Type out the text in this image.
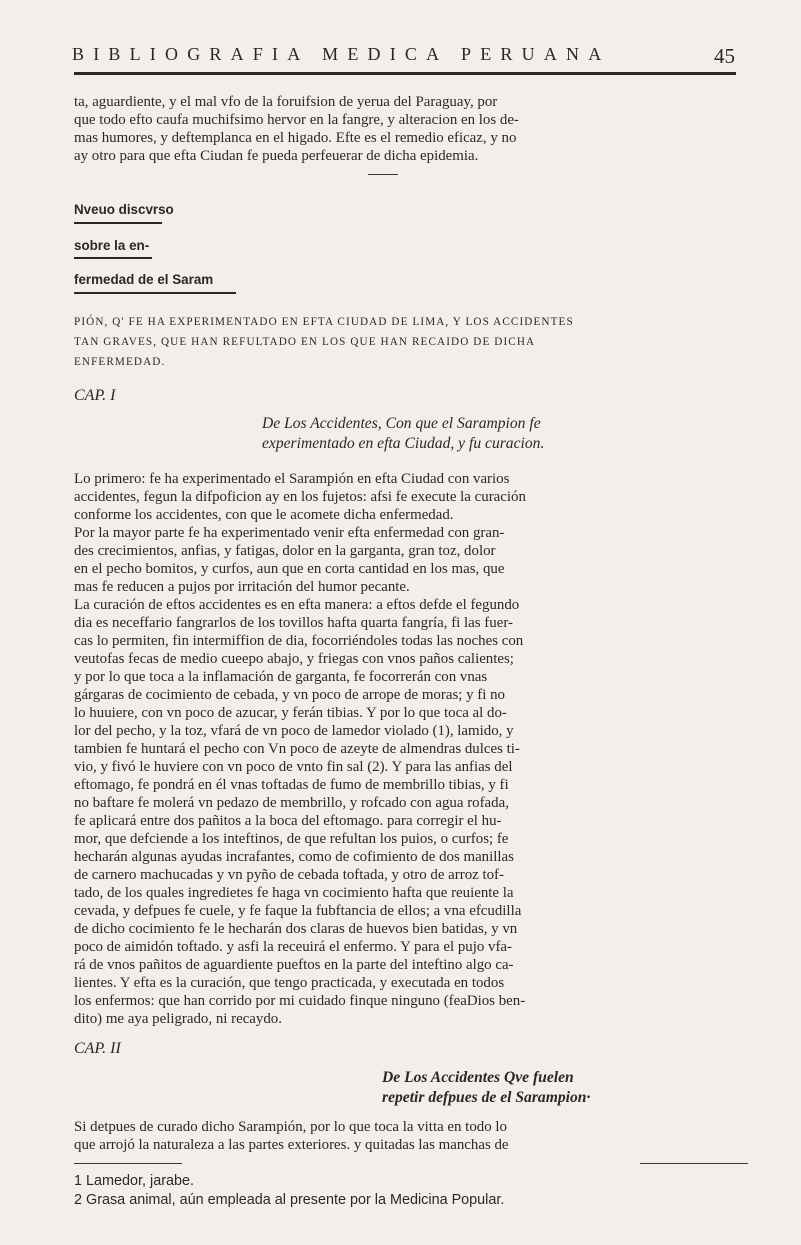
BIBLIOGRAFIA MEDICA PERUANA	45
ta, aguardiente, y el mal vfo de la foruifsion de yerua del Paraguay, por
que todo efto caufa muchifsimo hervor en la fangre, y alteracion en los de-
mas humores, y deftemplanca en el higado. Efte es el remedio eficaz, y no
ay otro para que efta Ciudan fe pueda perfeuerar de dicha epidemia.
Nveuo discvrso
sobre la en-
fermedad de el Saram
PIÓN, Q' FE HA EXPERIMENTADO EN EFTA CIUDAD DE LIMA, Y LOS ACCIDENTES
TAN GRAVES, QUE HAN REFULTADO EN LOS QUE HAN RECAIDO DE DICHA
ENFERMEDAD.
CAP. I
De Los Accidentes, Con que el Sarampion fe
experimentado en efta Ciudad, y fu curacion.
Lo primero: fe ha experimentado el Sarampión en efta Ciudad con varios
accidentes, fegun la difpoficion ay en los fujetos: afsi fe execute la curación
conforme los accidentes, con que le acomete dicha enfermedad.
Por la mayor parte fe ha experimentado venir efta enfermedad con gran-
des crecimientos, anfias, y fatigas, dolor en la garganta, gran toz, dolor
en el pecho bomitos, y curfos, aun que en corta cantidad en los mas, que
mas fe reducen a pujos por irritación del humor pecante.
La curación de eftos accidentes es en efta manera: a eftos defde el fegundo
dia es neceffario fangrarlos de los tovillos hafta quarta fangría, fi las fuer-
cas lo permiten, fin intermiffion de dia, focorriéndoles todas las noches con
veutofas fecas de medio cueepo abajo, y friegas con vnos paños calientes;
y por lo que toca a la inflamación de garganta, fe focorrerán con vnas
gárgaras de cocimiento de cebada, y vn poco de arrope de moras; y fi no
lo huuiere, con vn poco de azucar, y ferán tibias. Y por lo que toca al do-
lor del pecho, y la toz, vfará de vn poco de lamedor violado (1), lamido, y
tambien fe huntará el pecho con Vn poco de azeyte de almendras dulces ti-
vio, y fivó le huviere con vn poco de vnto fin sal (2). Y para las anfias del
eftomago, fe pondrá en él vnas toftadas de fumo de membrillo tibias, y fi
no baftare fe molerá vn pedazo de membrillo, y rofcado con agua rofada,
fe aplicará entre dos pañitos a la boca del eftomago. para corregir el hu-
mor, que defciende a los inteftinos, de que refultan los puios, o curfos; fe
hecharán algunas ayudas incrafantes, como de cofimiento de dos manillas
de carnero machucadas y vn pyño de cebada toftada, y otro de arroz tof-
tado, de los quales ingredietes fe haga vn cocimiento hafta que reuiente la
cevada, y defpues fe cuele, y fe faque la fubftancia de ellos; a vna efcudilla
de dicho cocimiento fe le hecharán dos claras de huevos bien batidas, y vn
poco de aimidón toftado. y asfi la receuirá el enfermo. Y para el pujo vfa-
rá de vnos pañitos de aguardiente pueftos en la parte del inteftino algo ca-
lientes. Y efta es la curación, que tengo practicada, y executada en todos
los enfermos: que han corrido por mi cuidado finque ninguno (feaDios ben-
dito) me aya peligrado, ni recaydo.
CAP. II
De Los Accidentes Qve fuelen
repetir defpues de el Sarampion·
Si detpues de curado dicho Sarampión, por lo que toca la vitta en todo lo
que arrojó la naturaleza a las partes exteriores. y quitadas las manchas de
1 Lamedor, jarabe.
2 Grasa animal, aún empleada al presente por la Medicina Popular.
